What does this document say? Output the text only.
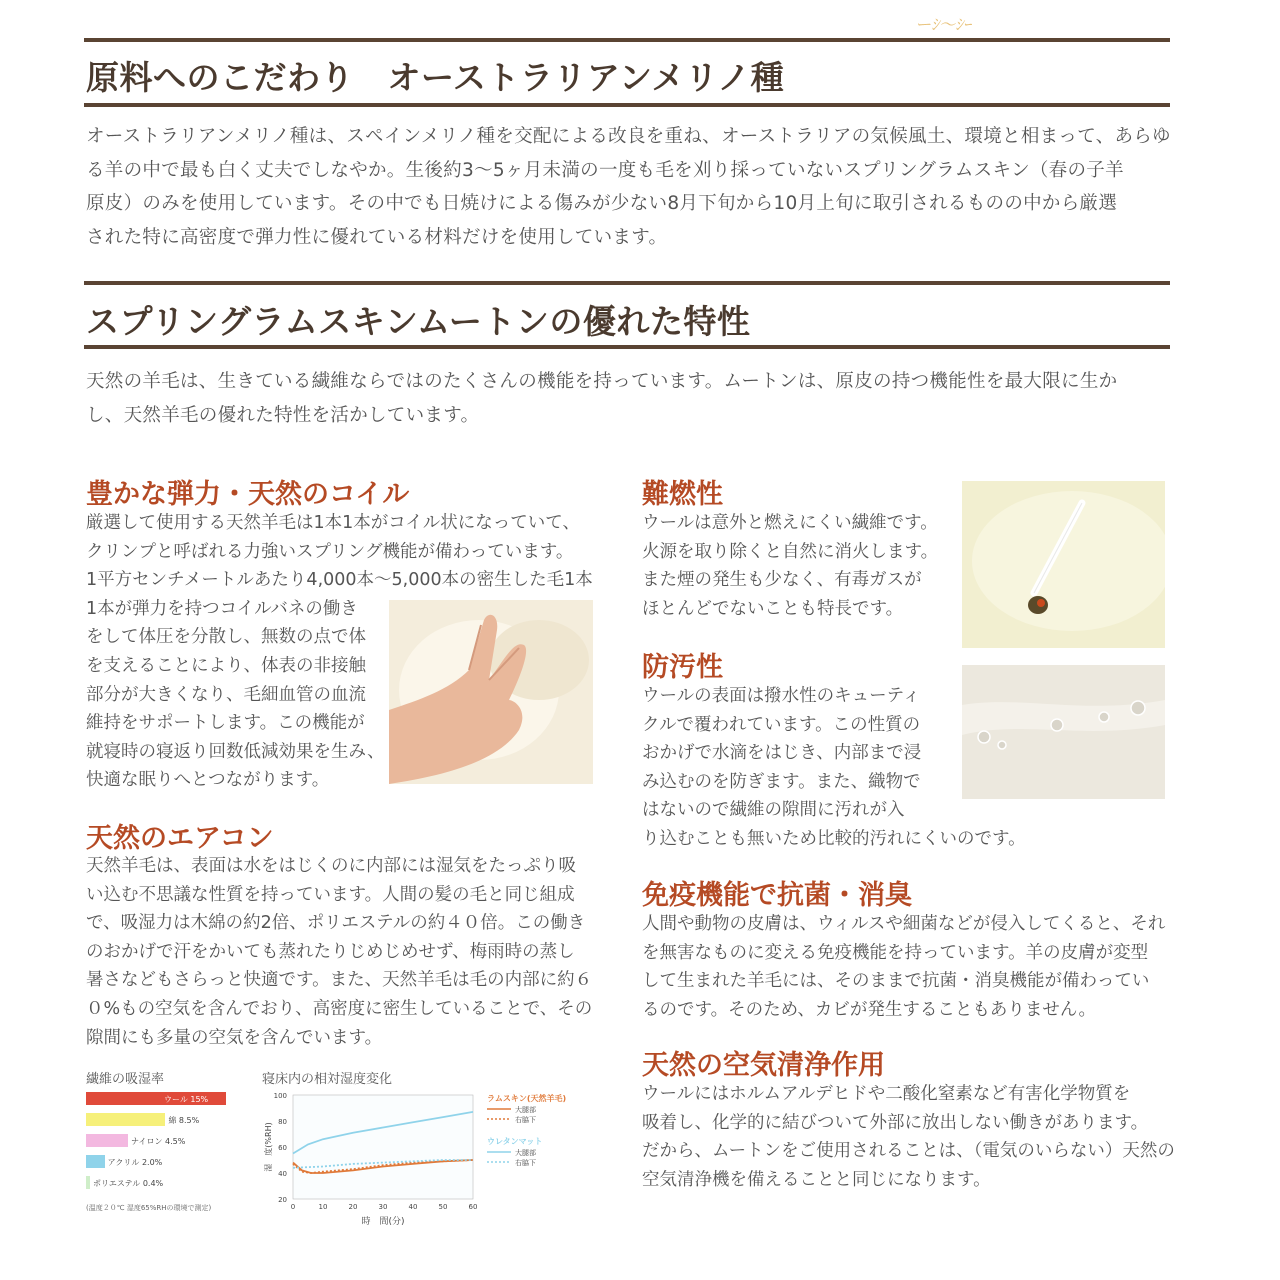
ーｼ～ｼｰ
原料へのこだわり　オーストラリアンメリノ種
オーストラリアンメリノ種は、スペインメリノ種を交配による改良を重ね、オーストラリアの気候風土、環境と相まって、あらゆ
る羊の中で最も白く丈夫でしなやか。生後約3～5ヶ月未満の一度も毛を刈り採っていないスプリングラムスキン（春の子羊
原皮）のみを使用しています。その中でも日焼けによる傷みが少ない8月下旬から10月上旬に取引されるものの中から厳選
された特に高密度で弾力性に優れている材料だけを使用しています。
スプリングラムスキンムートンの優れた特性
天然の羊毛は、生きている繊維ならではのたくさんの機能を持っています。ムートンは、原皮の持つ機能性を最大限に生か
し、天然羊毛の優れた特性を活かしています。
豊かな弾力・天然のコイル
厳選して使用する天然羊毛は1本1本がコイル状になっていて、
クリンプと呼ばれる力強いスプリング機能が備わっています。
1平方センチメートルあたり4,000本～5,000本の密生した毛1本
1本が弾力を持つコイルバネの働き
をして体圧を分散し、無数の点で体
を支えることにより、体表の非接触
部分が大きくなり、毛細血管の血流
維持をサポートします。この機能が
就寝時の寝返り回数低減効果を生み、
快適な眠りへとつながります。
天然のエアコン
天然羊毛は、表面は水をはじくのに内部には湿気をたっぷり吸
い込む不思議な性質を持っています。人間の髪の毛と同じ組成
で、吸湿力は木綿の約2倍、ポリエステルの約４０倍。この働き
のおかげで汗をかいても蒸れたりじめじめせず、梅雨時の蒸し
暑さなどもさらっと快適です。また、天然羊毛は毛の内部に約６
０%もの空気を含んでおり、高密度に密生していることで、その
隙間にも多量の空気を含んでいます。
繊維の吸湿率
ウール 15%
綿 8.5%
ナイロン 4.5%
アクリル 2.0%
ポリエステル 0.4%
(温度２０℃ 湿度65%RHの環境で測定)
寝床内の相対湿度変化
20
40
60
80
100
0	10	20	30	40	50	60
時　間(分)
湿　度(%RH)
ラムスキン(天然羊毛)
大腿部
右脇下
ウレタンマット
大腿部
右脇下
難燃性
ウールは意外と燃えにくい繊維です。
火源を取り除くと自然に消火します。
また煙の発生も少なく、有毒ガスが
ほとんどでないことも特長です。
防汚性
ウールの表面は撥水性のキューティ
クルで覆われています。この性質の
おかげで水滴をはじき、内部まで浸
み込むのを防ぎます。また、織物で
はないので繊維の隙間に汚れが入
り込むことも無いため比較的汚れにくいのです。
免疫機能で抗菌・消臭
人間や動物の皮膚は、ウィルスや細菌などが侵入してくると、それ
を無害なものに変える免疫機能を持っています。羊の皮膚が変型
して生まれた羊毛には、そのままで抗菌・消臭機能が備わってい
るのです。そのため、カビが発生することもありません。
天然の空気清浄作用
ウールにはホルムアルデヒドや二酸化窒素など有害化学物質を
吸着し、化学的に結びついて外部に放出しない働きがあります。
だから、ムートンをご使用されることは、（電気のいらない）天然の
空気清浄機を備えることと同じになります。
